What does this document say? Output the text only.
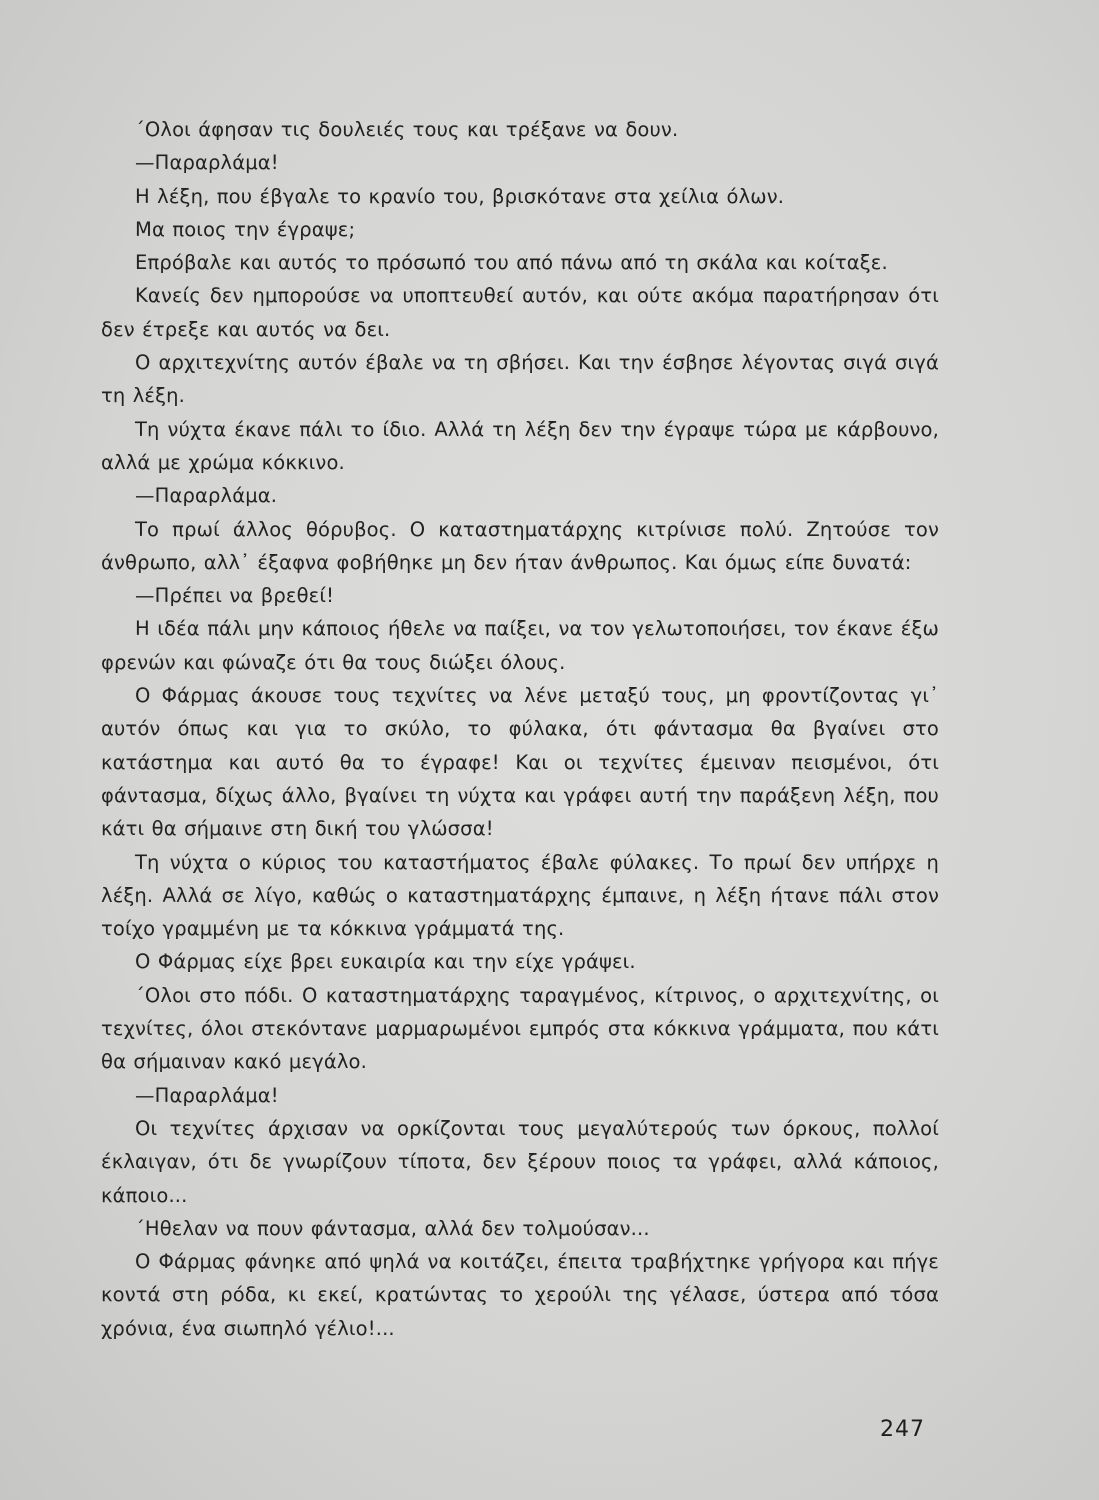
´Ολοι άφησαν τις δουλειές τους και τρέξανε να δουν.

—Παραρλάμα!

Η λέξη, που έβγαλε το κρανίο του, βρισκότανε στα χείλια όλων.

Μα ποιος την έγραψε;

Επρόβαλε και αυτός το πρόσωπό του από πάνω από τη σκάλα και κοίταξε.

Κανείς δεν ημπορούσε να υποπτευθεί αυτόν, και ούτε ακόμα παρατήρησαν ότι δεν έτρεξε και αυτός να δει.

Ο αρχιτεχνίτης αυτόν έβαλε να τη σβήσει. Και την έσβησε λέγοντας σιγά σιγά τη λέξη.

Τη νύχτα έκανε πάλι το ίδιο. Αλλά τη λέξη δεν την έγραψε τώρα με κάρβουνο, αλλά με χρώμα κόκκινο.

—Παραρλάμα.

Το πρωί άλλος θόρυβος. Ο καταστηματάρχης κιτρίνισε πολύ. Ζητούσε τον άνθρωπο, αλλ᾽ έξαφνα φοβήθηκε μη δεν ήταν άνθρωπος. Και όμως είπε δυνατά:

—Πρέπει να βρεθεί!

Η ιδέα πάλι μην κάποιος ήθελε να παίξει, να τον γελωτοποιήσει, τον έκανε έξω φρενών και φώναζε ότι θα τους διώξει όλους.

Ο Φάρμας άκουσε τους τεχνίτες να λένε μεταξύ τους, μη φροντίζοντας γι᾽ αυτόν όπως και για το σκύλο, το φύλακα, ότι φάντασμα θα βγαίνει στο κατάστημα και αυτό θα το έγραφε! Και οι τεχνίτες έμειναν πεισμένοι, ότι φάντασμα, δίχως άλλο, βγαίνει τη νύχτα και γράφει αυτή την παράξενη λέξη, που κάτι θα σήμαινε στη δική του γλώσσα!

Τη νύχτα ο κύριος του καταστήματος έβαλε φύλακες. Το πρωί δεν υπήρχε η λέξη. Αλλά σε λίγο, καθώς ο καταστηματάρχης έμπαινε, η λέξη ήτανε πάλι στον τοίχο γραμμένη με τα κόκκινα γράμματά της.

Ο Φάρμας είχε βρει ευκαιρία και την είχε γράψει.

´Ολοι στο πόδι. Ο καταστηματάρχης ταραγμένος, κίτρινος, ο αρχιτεχνίτης, οι τεχνίτες, όλοι στεκόντανε μαρμαρωμένοι εμπρός στα κόκκινα γράμματα, που κάτι θα σήμαιναν κακό μεγάλο.

—Παραρλάμα!

Οι τεχνίτες άρχισαν να ορκίζονται τους μεγαλύτερούς των όρκους, πολλοί έκλαιγαν, ότι δε γνωρίζουν τίποτα, δεν ξέρουν ποιος τα γράφει, αλλά κάποιος, κάποιο...

´Ηθελαν να πουν φάντασμα, αλλά δεν τολμούσαν...

Ο Φάρμας φάνηκε από ψηλά να κοιτάζει, έπειτα τραβήχτηκε γρήγορα και πήγε κοντά στη ρόδα, κι εκεί, κρατώντας το χερούλι της γέλασε, ύστερα από τόσα χρόνια, ένα σιωπηλό γέλιο!...

247
